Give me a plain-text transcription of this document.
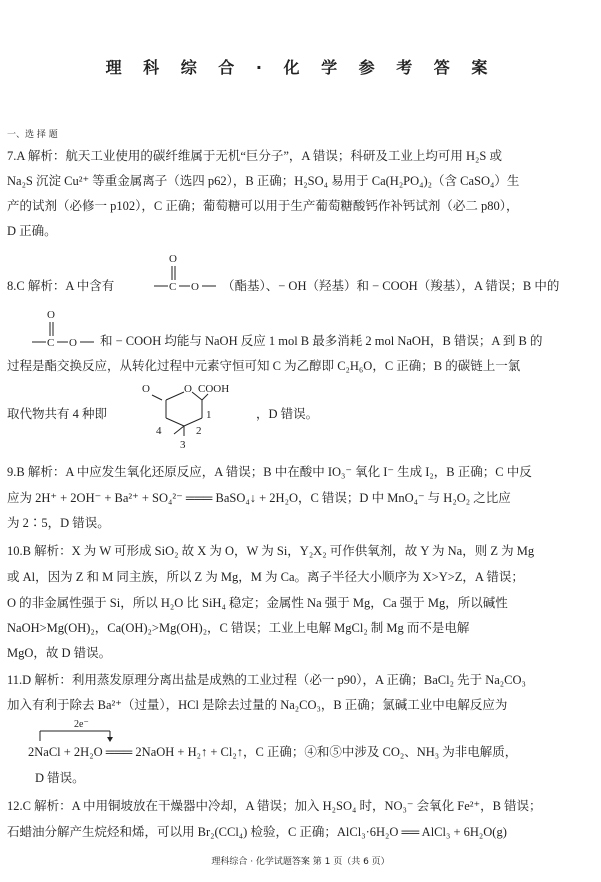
理 科 综 合 · 化 学 参 考 答 案
一、选 择 题
7.A 解析：航天工业使用的碳纤维属于无机“巨分子”，A 错误；科研及工业上均可用 H₂S 或
Na₂S 沉淀 Cu²⁺ 等重金属离子（选四 p62），B 正确；H₂SO₄ 易用于 Ca(H₂PO₄)₂（含 CaSO₄）生
产的试剂（必修一 p102），C 正确；葡萄糖可以用于生产葡萄糖酸钙作补钙试剂（必二 p80），
D 正确。
8.C 解析：A 中含有
O
C O （酯基）、− OH（羟基）和 − COOH（羧基），A 错误；B 中的
O
C O 和 − COOH 均能与 NaOH 反应 1 mol B 最多消耗 2 mol NaOH，B 错误；A 到 B 的
过程是酯交换反应，从转化过程中元素守恒可知 C 为乙醇即 C₂H₆O，C 正确；B 的碳链上一氯
取代物共有 4 种即
O	O COOH
1
2
3
4
，D 错误。
9.B 解析：A 中应发生氧化还原反应，A 错误；B 中在酸中 IO₃⁻ 氧化 I⁻ 生成 I₂，B 正确；C 中反
应为 2H⁺ + 2OH⁻ + Ba²⁺ + SO₄²⁻ ═══ BaSO₄↓ + 2H₂O，C 错误；D 中 MnO₄⁻ 与 H₂O₂ 之比应
为 2∶5，D 错误。
10.B 解析：X 为 W 可形成 SiO₂ 故 X 为 O，W 为 Si，Y₂X₂ 可作供氧剂，故 Y 为 Na，则 Z 为 Mg
或 Al，因为 Z 和 M 同主族，所以 Z 为 Mg，M 为 Ca。离子半径大小顺序为 X>Y>Z，A 错误；
O 的非金属性强于 Si，所以 H₂O 比 SiH₄ 稳定；金属性 Na 强于 Mg，Ca 强于 Mg，所以碱性
NaOH>Mg(OH)₂，Ca(OH)₂>Mg(OH)₂，C 错误；工业上电解 MgCl₂ 制 Mg 而不是电解
MgO，故 D 错误。
11.D 解析：利用蒸发原理分离出盐是成熟的工业过程（必一 p90），A 正确；BaCl₂ 先于 Na₂CO₃
加入有利于除去 Ba²⁺（过量），HCl 是除去过量的 Na₂CO₃，B 正确；氯碱工业中电解反应为
2e⁻
2NaCl + 2H₂O ═══ 2NaOH + H₂↑ + Cl₂↑，C 正确；④和⑤中涉及 CO₂、NH₃ 为非电解质，
D 错误。
12.C 解析：A 中用铜坡放在干燥器中冷却，A 错误；加入 H₂SO₄ 时，NO₃⁻ 会氧化 Fe²⁺，B 错误；
石蜡油分解产生烷烃和烯，可以用 Br₂(CCl₄) 检验，C 正确；AlCl₃·6H₂O ══ AlCl₃ + 6H₂O(g)
理科综合 · 化学试题答案 第 1 页（共 6 页）
